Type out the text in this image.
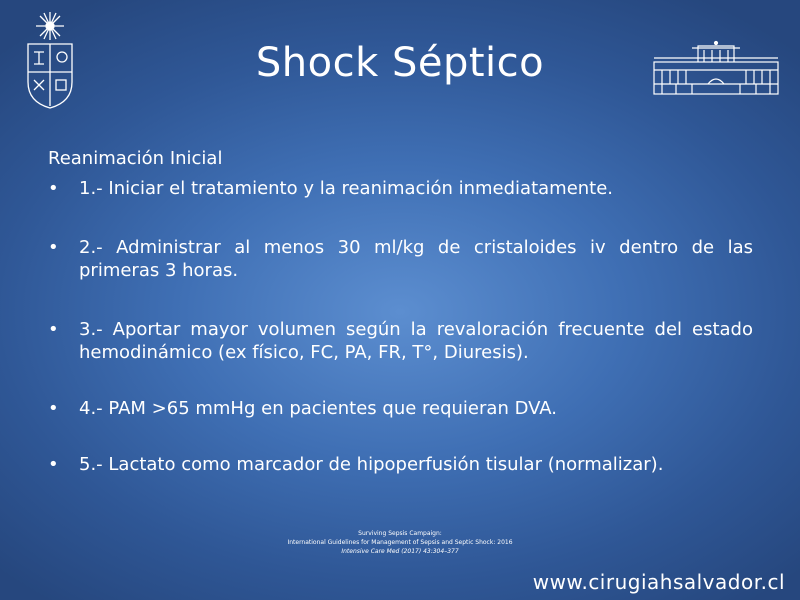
Shock Séptico
Reanimación Inicial
• 1.- Iniciar el tratamiento y la reanimación inmediatamente.
• 2.- Administrar al menos 30 ml/kg de cristaloides iv dentro de las primeras 3 horas.
• 3.- Aportar mayor volumen según la revaloración frecuente del estado hemodinámico (ex físico, FC, PA, FR, T°, Diuresis).
• 4.- PAM >65 mmHg en pacientes que requieran DVA.
• 5.- Lactato como marcador de hipoperfusión tisular (normalizar).
Surviving Sepsis Campaign:
International Guidelines for Management of Sepsis and Septic Shock: 2016
Intensive Care Med (2017) 43:304–377
www.cirugiahsalvador.cl
